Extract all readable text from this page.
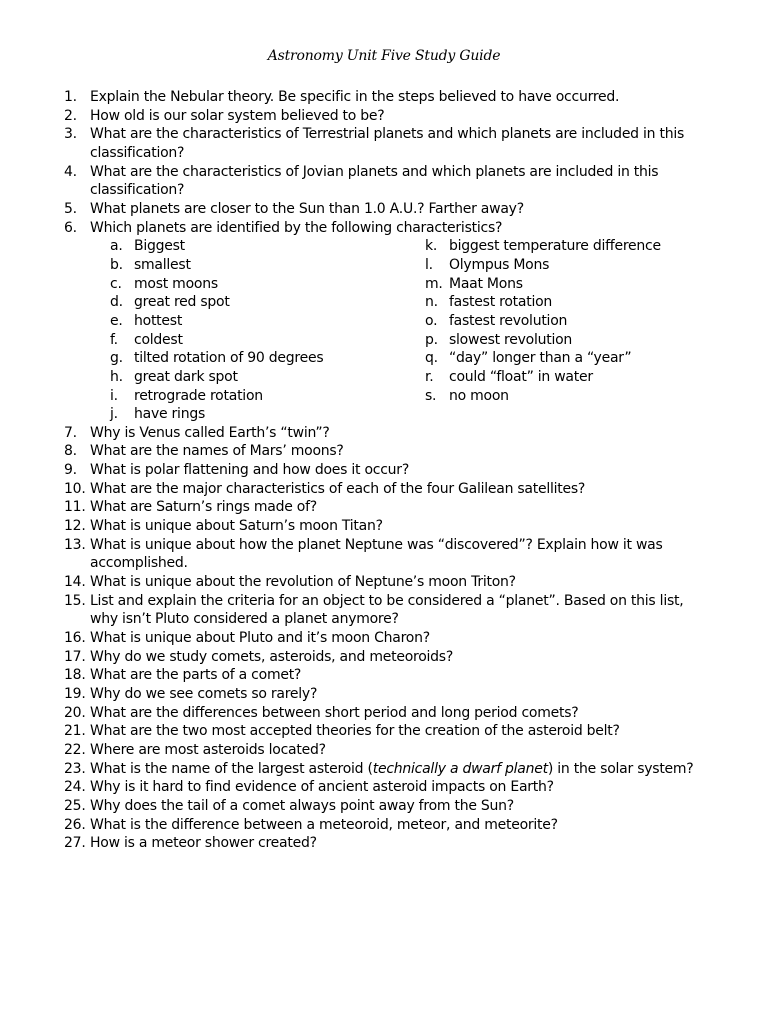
Astronomy Unit Five Study Guide
1. Explain the Nebular theory. Be specific in the steps believed to have occurred.
2. How old is our solar system believed to be?
3. What are the characteristics of Terrestrial planets and which planets are included in this classification?
4. What are the characteristics of Jovian planets and which planets are included in this classification?
5. What planets are closer to the Sun than 1.0 A.U.? Farther away?
6. Which planets are identified by the following characteristics?
a. Biggest
b. smallest
c. most moons
d. great red spot
e. hottest
f.	coldest
g. tilted rotation of 90 degrees
h. great dark spot
i.	retrograde rotation
j.	have rings
k. biggest temperature difference
l.	Olympus Mons
m. Maat Mons
n. fastest rotation
o. fastest revolution
p. slowest revolution
q. “day” longer than a “year”
r.	could “float” in water
s. no moon
7. Why is Venus called Earth’s “twin”?
8. What are the names of Mars’ moons?
9. What is polar flattening and how does it occur?
10. What are the major characteristics of each of the four Galilean satellites?
11. What are Saturn’s rings made of?
12. What is unique about Saturn’s moon Titan?
13. What is unique about how the planet Neptune was “discovered”? Explain how it was accomplished.
14. What is unique about the revolution of Neptune’s moon Triton?
15. List and explain the criteria for an object to be considered a “planet”. Based on this list, why isn’t Pluto considered a planet anymore?
16. What is unique about Pluto and it’s moon Charon?
17. Why do we study comets, asteroids, and meteoroids?
18. What are the parts of a comet?
19. Why do we see comets so rarely?
20. What are the differences between short period and long period comets?
21. What are the two most accepted theories for the creation of the asteroid belt?
22. Where are most asteroids located?
23. What is the name of the largest asteroid (technically a dwarf planet) in the solar system?
24. Why is it hard to find evidence of ancient asteroid impacts on Earth?
25. Why does the tail of a comet always point away from the Sun?
26. What is the difference between a meteoroid, meteor, and meteorite?
27. How is a meteor shower created?
